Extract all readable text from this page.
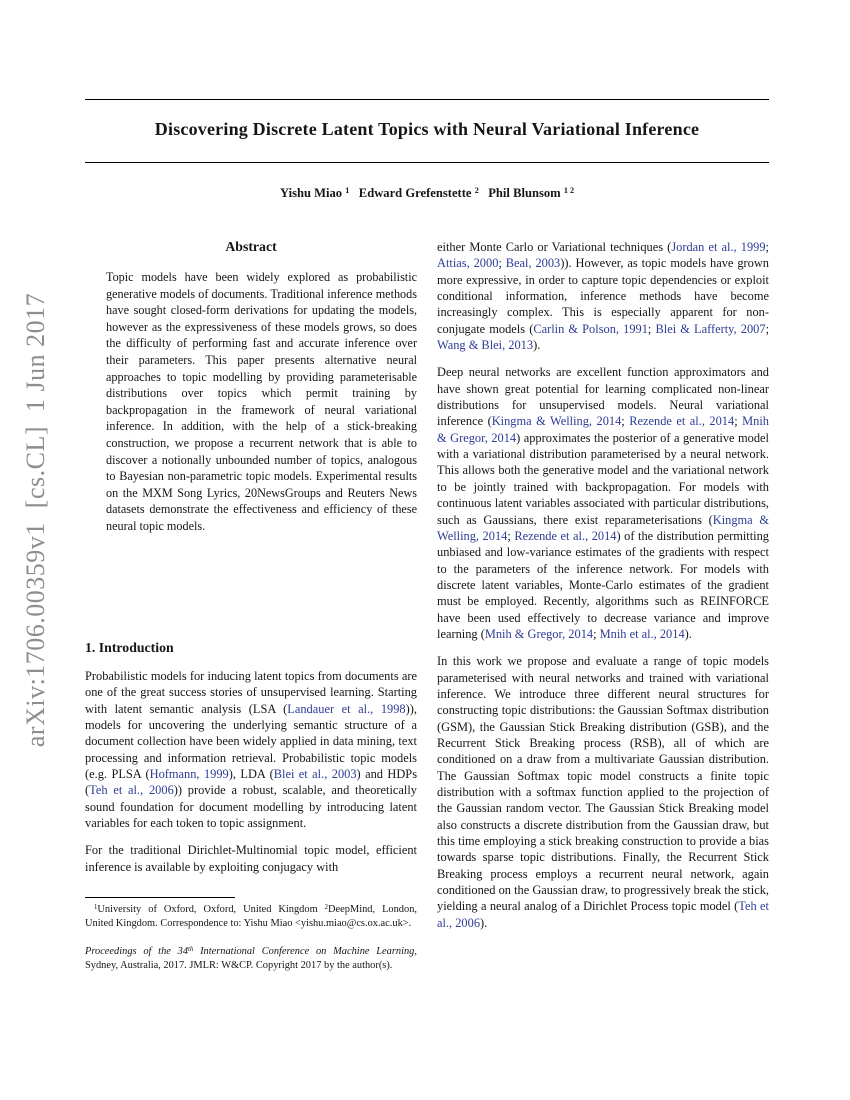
arXiv:1706.00359v1  [cs.CL]  1 Jun 2017
Discovering Discrete Latent Topics with Neural Variational Inference
Yishu Miao $^1$   Edward Grefenstette $^2$   Phil Blunsom $^{1 2}$
Abstract

Topic models have been widely explored as probabilistic generative models of documents. Traditional inference methods have sought closed-form derivations for updating the models, however as the expressiveness of these models grows, so does the difficulty of performing fast and accurate inference over their parameters. This paper presents alternative neural approaches to topic modelling by providing parameterisable distributions over topics which permit training by backpropagation in the framework of neural variational inference. In addition, with the help of a stick-breaking construction, we propose a recurrent network that is able to discover a notionally unbounded number of topics, analogous to Bayesian non-parametric topic models. Experimental results on the MXM Song Lyrics, 20NewsGroups and Reuters News datasets demonstrate the effectiveness and efficiency of these neural topic models.

1. Introduction

Probabilistic models for inducing latent topics from documents are one of the great success stories of unsupervised learning. Starting with latent semantic analysis (LSA (Landauer et al., 1998)), models for uncovering the underlying semantic structure of a document collection have been widely applied in data mining, text processing and information retrieval. Probabilistic topic models (e.g. PLSA (Hofmann, 1999), LDA (Blei et al., 2003) and HDPs (Teh et al., 2006)) provide a robust, scalable, and theoretically sound foundation for document modelling by introducing latent variables for each token to topic assignment.

For the traditional Dirichlet-Multinomial topic model, efficient inference is available by exploiting conjugacy with

$^1$University of Oxford, Oxford, United Kingdom $^2$DeepMind, London, United Kingdom. Correspondence to: Yishu Miao <yishu.miao@cs.ox.ac.uk>.

Proceedings of the 34th International Conference on Machine Learning, Sydney, Australia, 2017. JMLR: W&CP. Copyright 2017 by the author(s).

either Monte Carlo or Variational techniques (Jordan et al., 1999; Attias, 2000; Beal, 2003)). However, as topic models have grown more expressive, in order to capture topic dependencies or exploit conditional information, inference methods have become increasingly complex. This is especially apparent for non-conjugate models (Carlin & Polson, 1991; Blei & Lafferty, 2007; Wang & Blei, 2013).

Deep neural networks are excellent function approximators and have shown great potential for learning complicated non-linear distributions for unsupervised models. Neural variational inference (Kingma & Welling, 2014; Rezende et al., 2014; Mnih & Gregor, 2014) approximates the posterior of a generative model with a variational distribution parameterised by a neural network. This allows both the generative model and the variational network to be jointly trained with backpropagation. For models with continuous latent variables associated with particular distributions, such as Gaussians, there exist reparameterisations (Kingma & Welling, 2014; Rezende et al., 2014) of the distribution permitting unbiased and low-variance estimates of the gradients with respect to the parameters of the inference network. For models with discrete latent variables, Monte-Carlo estimates of the gradient must be employed. Recently, algorithms such as REINFORCE have been used effectively to decrease variance and improve learning (Mnih & Gregor, 2014; Mnih et al., 2014).

In this work we propose and evaluate a range of topic models parameterised with neural networks and trained with variational inference. We introduce three different neural structures for constructing topic distributions: the Gaussian Softmax distribution (GSM), the Gaussian Stick Breaking distribution (GSB), and the Recurrent Stick Breaking process (RSB), all of which are conditioned on a draw from a multivariate Gaussian distribution. The Gaussian Softmax topic model constructs a finite topic distribution with a softmax function applied to the projection of the Gaussian random vector. The Gaussian Stick Breaking model also constructs a discrete distribution from the Gaussian draw, but this time employing a stick breaking construction to provide a bias towards sparse topic distributions. Finally, the Recurrent Stick Breaking process employs a recurrent neural network, again conditioned on the Gaussian draw, to progressively break the stick, yielding a neural analog of a Dirichlet Process topic model (Teh et al., 2006).
